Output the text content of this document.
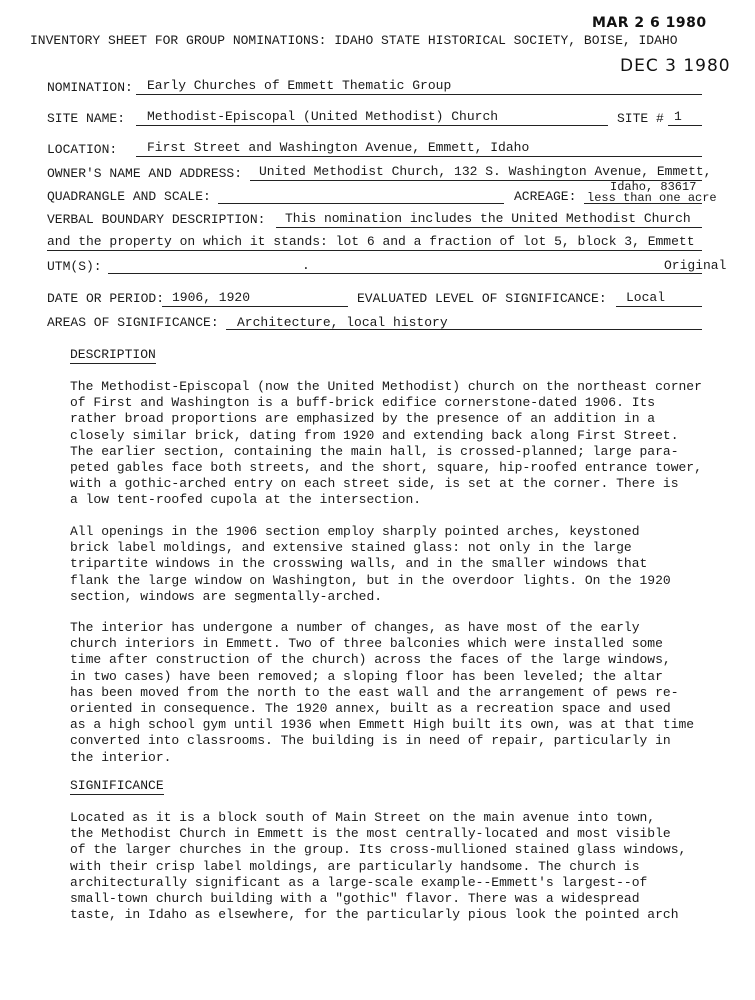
MAR 2 6 1980
DEC 3 1980
INVENTORY SHEET FOR GROUP NOMINATIONS: IDAHO STATE HISTORICAL SOCIETY, BOISE, IDAHO
NOMINATION: Early Churches of Emmett Thematic Group
SITE NAME: Methodist-Episcopal (United Methodist) Church	SITE # 1
LOCATION: First Street and Washington Avenue, Emmett, Idaho
OWNER'S NAME AND ADDRESS: United Methodist Church, 132 S. Washington Avenue, Emmett,
Idaho, 83617
QUADRANGLE AND SCALE:	ACREAGE: less than one acre
VERBAL BOUNDARY DESCRIPTION: This nomination includes the United Methodist Church
and the property on which it stands: lot 6 and a fraction of lot 5, block 3, Emmett
UTM(S):	.	Original
DATE OR PERIOD: 1906, 1920	EVALUATED LEVEL OF SIGNIFICANCE: Local
AREAS OF SIGNIFICANCE: Architecture, local history
DESCRIPTION
The Methodist-Episcopal (now the United Methodist) church on the northeast corner
of First and Washington is a buff-brick edifice cornerstone-dated 1906. Its
rather broad proportions are emphasized by the presence of an addition in a
closely similar brick, dating from 1920 and extending back along First Street.
The earlier section, containing the main hall, is crossed-planned; large para-
peted gables face both streets, and the short, square, hip-roofed entrance tower,
with a gothic-arched entry on each street side, is set at the corner. There is
a low tent-roofed cupola at the intersection.
All openings in the 1906 section employ sharply pointed arches, keystoned
brick label moldings, and extensive stained glass: not only in the large
tripartite windows in the crosswing walls, and in the smaller windows that
flank the large window on Washington, but in the overdoor lights. On the 1920
section, windows are segmentally-arched.
The interior has undergone a number of changes, as have most of the early
church interiors in Emmett. Two of three balconies which were installed some
time after construction of the church) across the faces of the large windows,
in two cases) have been removed; a sloping floor has been leveled; the altar
has been moved from the north to the east wall and the arrangement of pews re-
oriented in consequence. The 1920 annex, built as a recreation space and used
as a high school gym until 1936 when Emmett High built its own, was at that time
converted into classrooms. The building is in need of repair, particularly in
the interior.
SIGNIFICANCE
Located as it is a block south of Main Street on the main avenue into town,
the Methodist Church in Emmett is the most centrally-located and most visible
of the larger churches in the group. Its cross-mullioned stained glass windows,
with their crisp label moldings, are particularly handsome. The church is
architecturally significant as a large-scale example--Emmett's largest--of
small-town church building with a "gothic" flavor. There was a widespread
taste, in Idaho as elsewhere, for the particularly pious look the pointed arch
